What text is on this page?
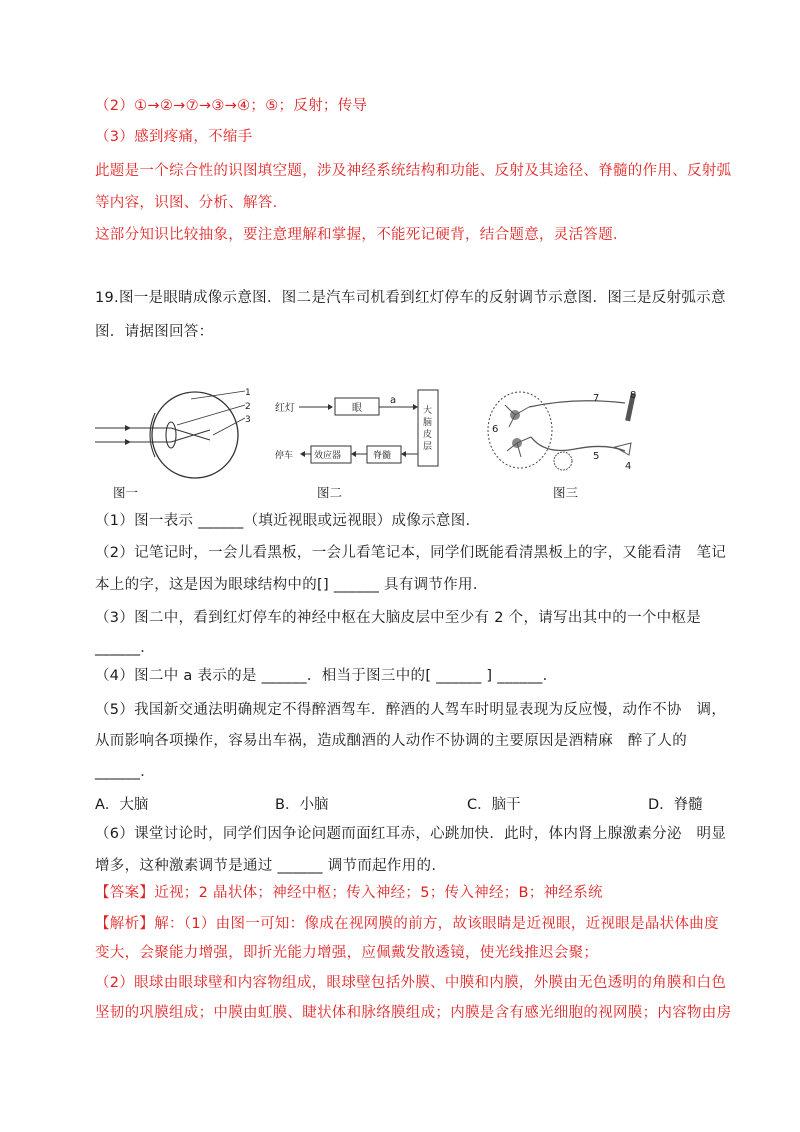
（2）①→②→⑦→③→④；⑤；反射；传导
（3）感到疼痛，不缩手
此题是一个综合性的识图填空题，涉及神经系统结构和功能、反射及其途径、脊髓的作用、反射弧
等内容，识图、分析、解答.
这部分知识比较抽象，要注意理解和掌握，不能死记硬背，结合题意，灵活答题.
19.图一是眼睛成像示意图．图二是汽车司机看到红灯停车的反射调节示意图．图三是反射弧示意
图．请据图回答：
1
2
3
图一
红灯	眼
a
大
脑
皮
层
脊髓
效应器
停车
图二
6
7	8
5
4
图三
（1）图一表示 ______（填近视眼或远视眼）成像示意图.
（2）记笔记时，一会儿看黑板，一会儿看笔记本，同学们既能看清黑板上的字，又能看清　笔记
本上的字，这是因为眼球结构中的[] ______ 具有调节作用.
（3）图二中，看到红灯停车的神经中枢在大脑皮层中至少有 2 个，请写出其中的一个中枢是
______．
（4）图二中 a 表示的是 ______．相当于图三中的[ ______ ] ______．
（5）我国新交通法明确规定不得醉酒驾车．醉酒的人驾车时明显表现为反应慢，动作不协　调，
从而影响各项操作，容易出车祸，造成酗酒的人动作不协调的主要原因是酒精麻　醉了人的
______．
A．大脑	B．小脑	C．脑干	D．脊髓
（6）课堂讨论时，同学们因争论问题而面红耳赤，心跳加快．此时，体内肾上腺激素分泌　明显
增多，这种激素调节是通过 ______ 调节而起作用的.
【答案】近视；2 晶状体；神经中枢；传入神经；5；传入神经；B；神经系统
【解析】解：（1）由图一可知：像成在视网膜的前方，故该眼睛是近视眼，近视眼是晶状体曲度
变大，会聚能力增强，即折光能力增强，应佩戴发散透镜，使光线推迟会聚；
（2）眼球由眼球壁和内容物组成，眼球壁包括外膜、中膜和内膜，外膜由无色透明的角膜和白色
坚韧的巩膜组成；中膜由虹膜、睫状体和脉络膜组成；内膜是含有感光细胞的视网膜；内容物由房
